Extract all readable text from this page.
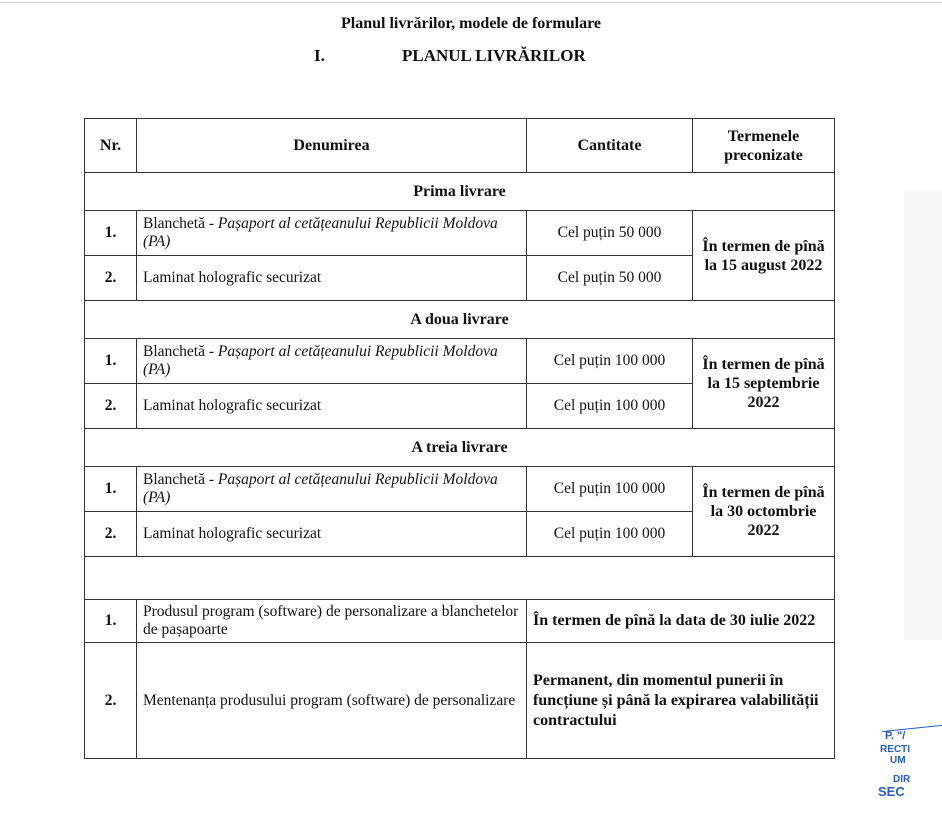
Planul livrărilor, modele de formulare
I.	PLANUL LIVRĂRILOR
Nr.	Denumirea	Cantitate	Termenele preconizate
Prima livrare			
1.	Blanchetă - Pașaport al cetățeanului Republicii Moldova (PA)	Cel puțin 50 000	În termen de pînă la 15 august 2022
2.	Laminat holografic securizat	Cel puțin 50 000	
A doua livrare			
1.	Blanchetă - Pașaport al cetățeanului Republicii Moldova (PA)	Cel puțin 100 000	În termen de pînă la 15 septembrie 2022
2.	Laminat holografic securizat	Cel puțin 100 000	
A treia livrare			
1.	Blanchetă - Pașaport al cetățeanului Republicii Moldova (PA)	Cel puțin 100 000	În termen de pînă la 30 octombrie 2022
2.	Laminat holografic securizat	Cel puțin 100 000	

1.	Produsul program (software) de personalizare a blanchetelor de pașapoarte	În termen de pînă la data de 30 iulie 2022	
2.	Mentenanța produsului program (software) de personalizare	Permanent, din momentul punerii în funcțiune și până la expirarea valabilității contractului	
P. "/
RECTI
UM
DIR
SEC
